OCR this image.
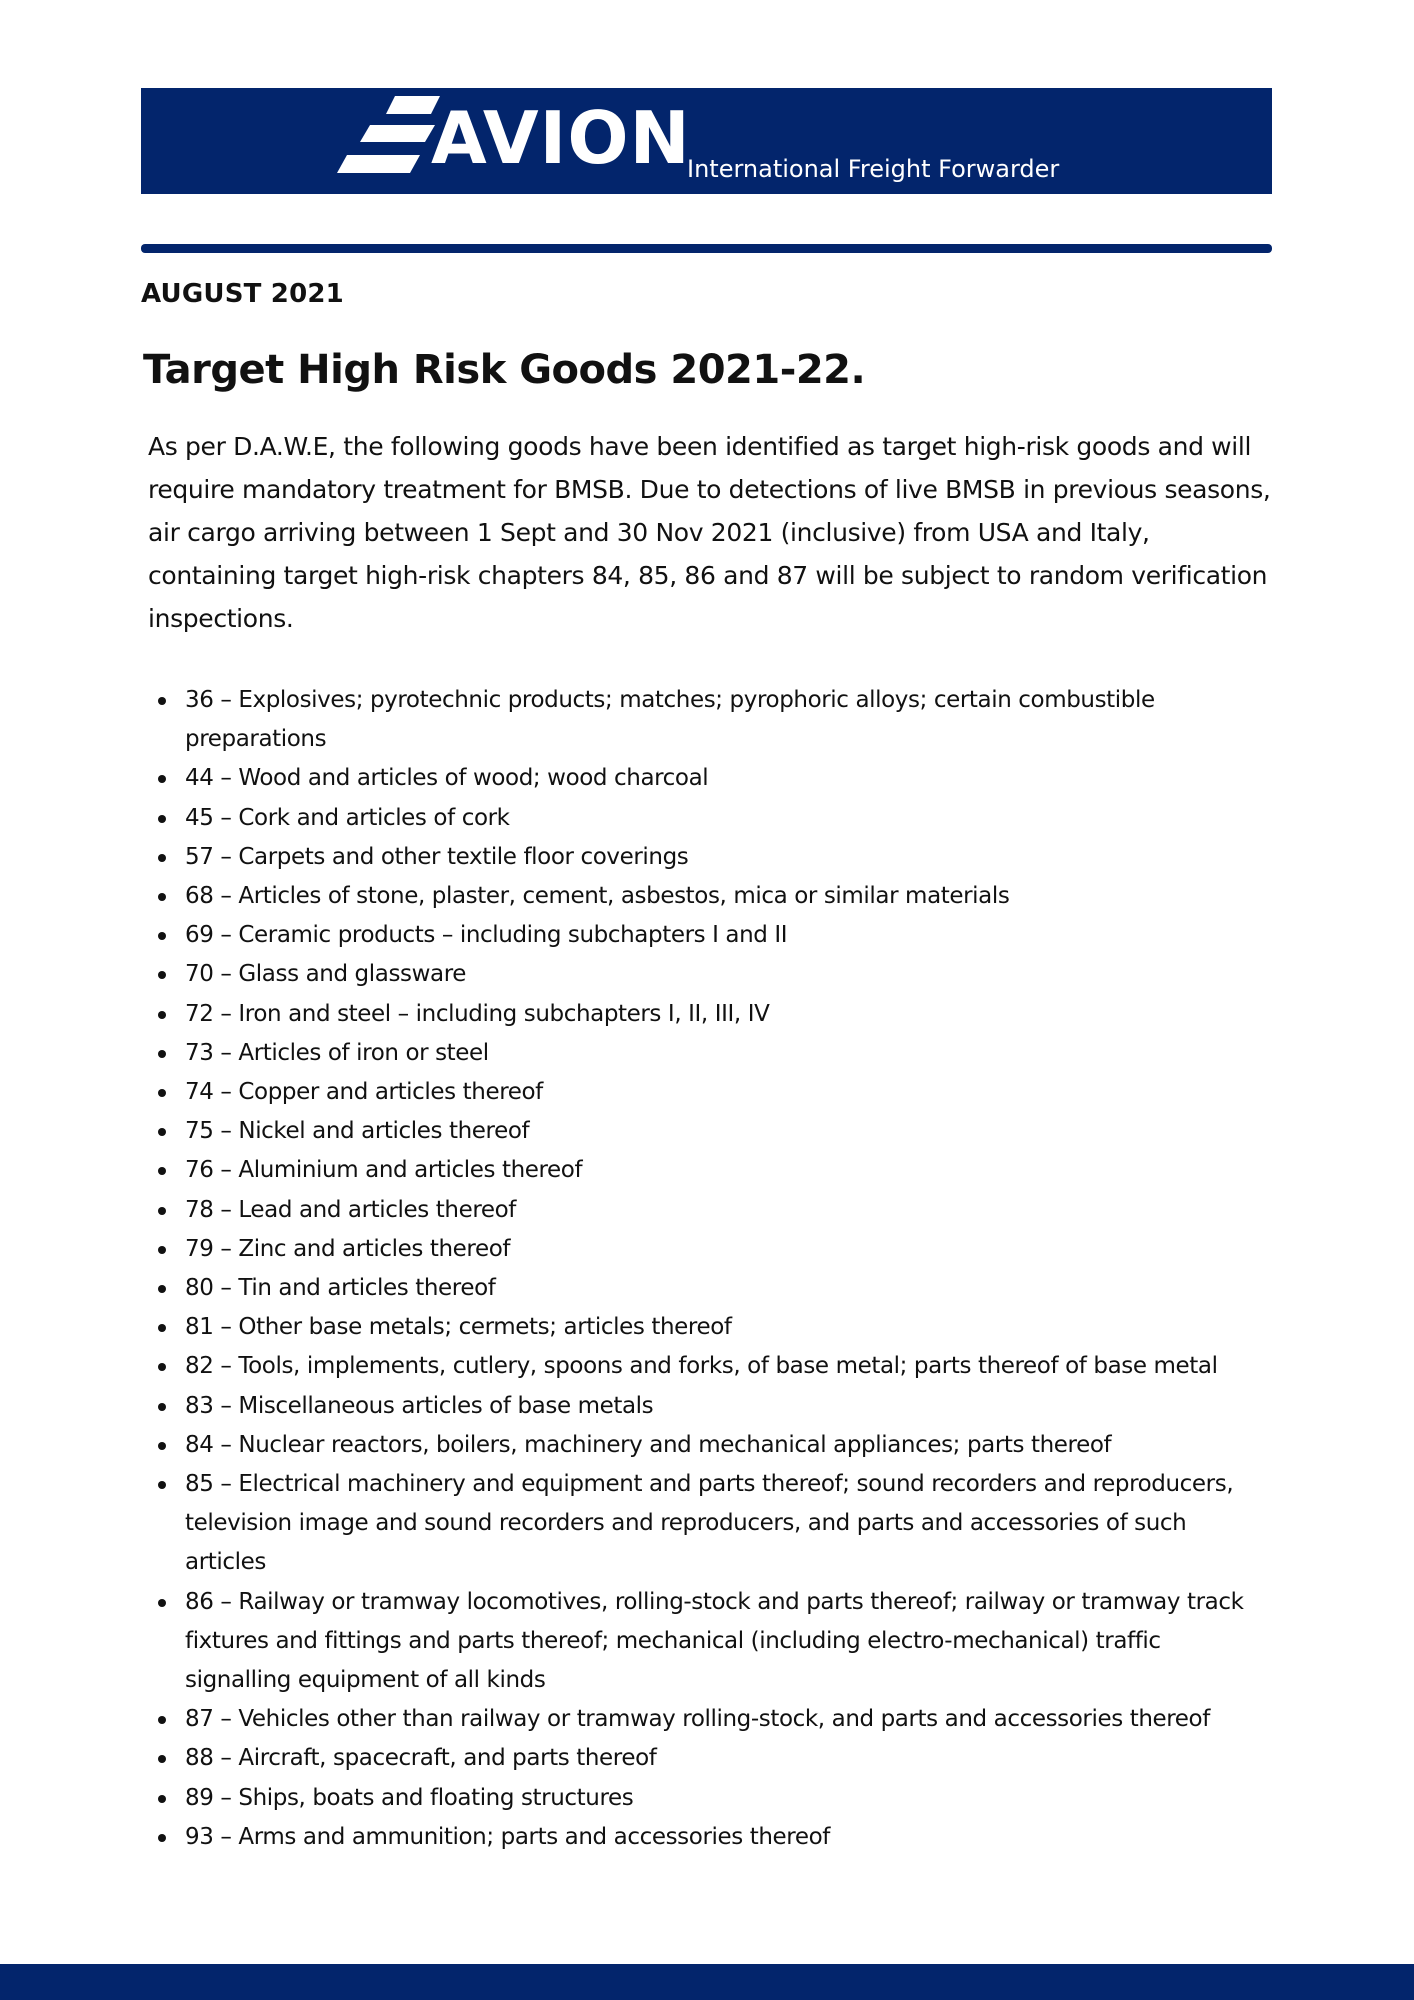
AVION
International Freight Forwarder
AUGUST 2021
Target High Risk Goods 2021-22.

As per D.A.W.E, the following goods have been identified as target high-risk goods and will require mandatory treatment for BMSB. Due to detections of live BMSB in previous seasons, air cargo arriving between 1 Sept and 30 Nov 2021 (inclusive) from USA and Italy, containing target high-risk chapters 84, 85, 86 and 87 will be subject to random verification inspections.

36 – Explosives; pyrotechnic products; matches; pyrophoric alloys; certain combustible preparations
44 – Wood and articles of wood; wood charcoal
45 – Cork and articles of cork
57 – Carpets and other textile floor coverings
68 – Articles of stone, plaster, cement, asbestos, mica or similar materials
69 – Ceramic products – including subchapters I and II
70 – Glass and glassware
72 – Iron and steel – including subchapters I, II, III, IV
73 – Articles of iron or steel
74 – Copper and articles thereof
75 – Nickel and articles thereof
76 – Aluminium and articles thereof
78 – Lead and articles thereof
79 – Zinc and articles thereof
80 – Tin and articles thereof
81 – Other base metals; cermets; articles thereof
82 – Tools, implements, cutlery, spoons and forks, of base metal; parts thereof of base metal
83 – Miscellaneous articles of base metals
84 – Nuclear reactors, boilers, machinery and mechanical appliances; parts thereof
85 – Electrical machinery and equipment and parts thereof; sound recorders and reproducers, television image and sound recorders and reproducers, and parts and accessories of such articles
86 – Railway or tramway locomotives, rolling-stock and parts thereof; railway or tramway track fixtures and fittings and parts thereof; mechanical (including electro-mechanical) traffic signalling equipment of all kinds
87 – Vehicles other than railway or tramway rolling-stock, and parts and accessories thereof
88 – Aircraft, spacecraft, and parts thereof
89 – Ships, boats and floating structures
93 – Arms and ammunition; parts and accessories thereof
